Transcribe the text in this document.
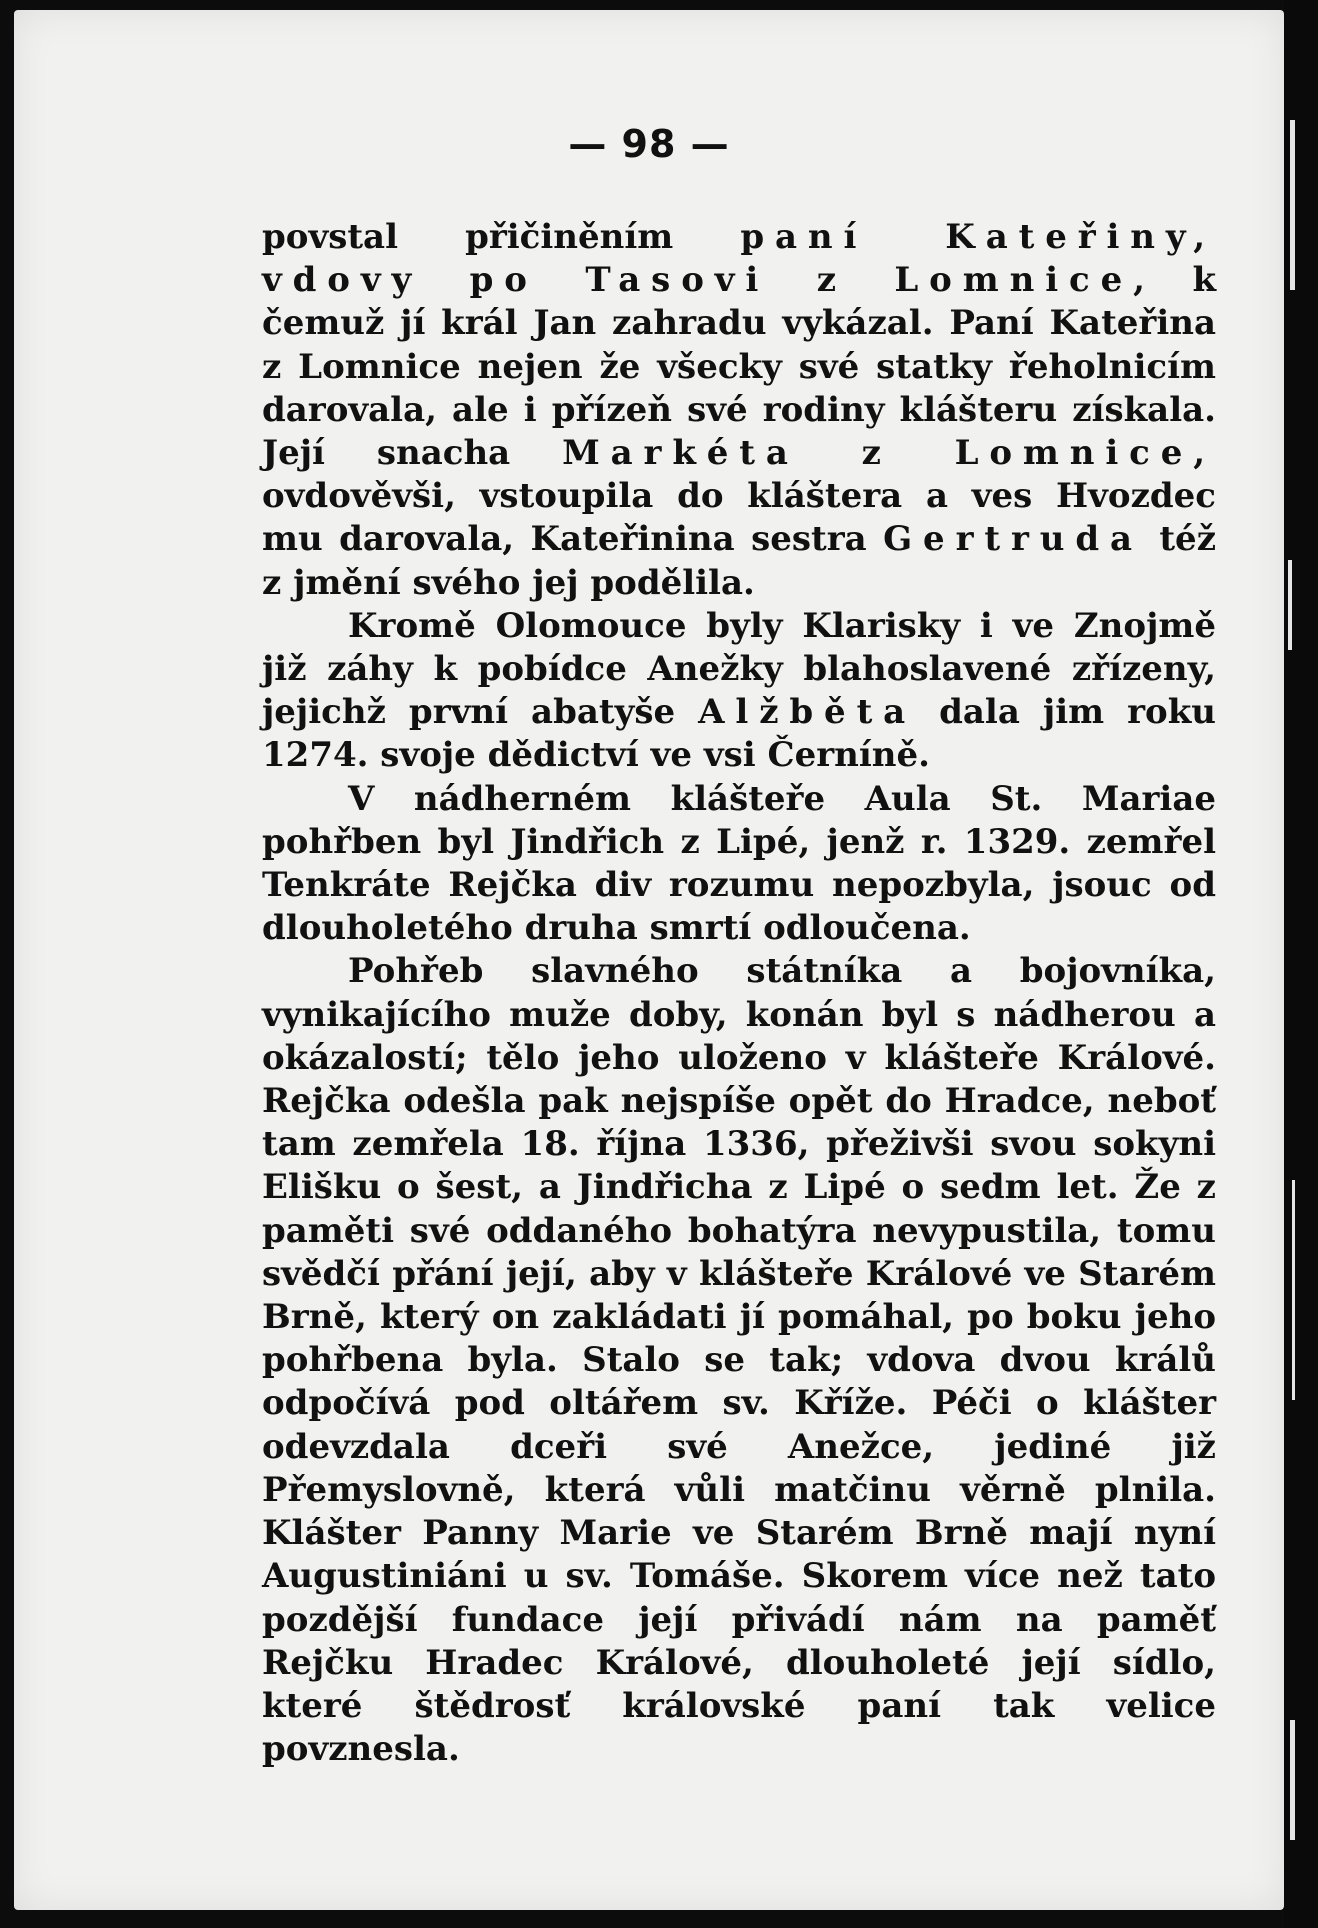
— 98 —

povstal přičiněním paní Kateřiny, vdovy po Tasovi z Lomnice, k čemuž jí král Jan zahradu vykázal. Paní Kateřina z Lomnice nejen že všecky své statky řeholnicím darovala, ale i přízeň své rodiny klášteru získala. Její snacha Markéta z Lomnice, ovdověvši, vstoupila do kláštera a ves Hvozdec mu darovala, Kateřinina sestra Gertruda též z jmění svého jej podělila.

Kromě Olomouce byly Klarisky i ve Znojmě již záhy k pobídce Anežky blahoslavené zřízeny, jejichž první abatyše Alžběta dala jim roku 1274. svoje dědictví ve vsi Černíně.

V nádherném klášteře Aula St. Mariae pohřben byl Jindřich z Lipé, jenž r. 1329. zemřel Tenkráte Rejčka div rozumu nepozbyla, jsouc od dlouholetého druha smrtí odloučena.

Pohřeb slavného státníka a bojovníka, vynikajícího muže doby, konán byl s nádherou a okázalostí; tělo jeho uloženo v klášteře Králové. Rejčka odešla pak nejspíše opět do Hradce, neboť tam zemřela 18. října 1336, přeživši svou sokyni Elišku o šest, a Jindřicha z Lipé o sedm let. Že z paměti své oddaného bohatýra nevypustila, tomu svědčí přání její, aby v klášteře Králové ve Starém Brně, který on zakládati jí pomáhal, po boku jeho pohřbena byla. Stalo se tak; vdova dvou králů odpočívá pod oltářem sv. Kříže. Péči o klášter odevzdala dceři své Anežce, jediné již Přemyslovně, která vůli matčinu věrně plnila. Klášter Panny Marie ve Starém Brně mají nyní Augustiniáni u sv. Tomáše. Skorem více než tato pozdější fundace její přivádí nám na paměť Rejčku Hradec Králové, dlouholeté její sídlo, které štědrosť královské paní tak velice povznesla.
